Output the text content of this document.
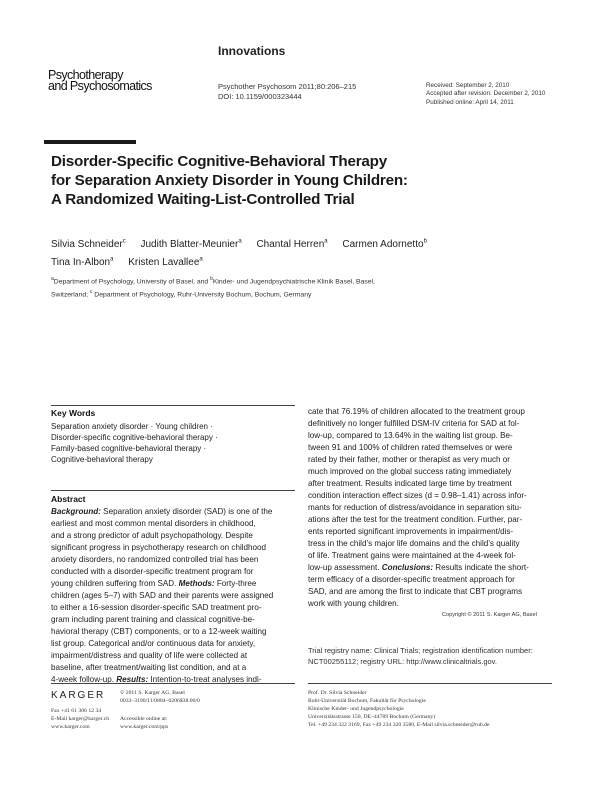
Innovations
Psychotherapy
and Psychosomatics	Psychother Psychosom 2011;80:206–215
DOI: 10.1159/000323444
Received: September 2, 2010
Accepted after revision: December 2, 2010
Published online: April 14, 2011
Disorder-Specific Cognitive-Behavioral Therapy
for Separation Anxiety Disorder in Young Children:
A Randomized Waiting-List-Controlled Trial
Silvia Schneider$^c$ Judith Blatter-Meunier$^a$ Chantal Herren$^a$ Carmen Adornetto$^b$
Tina In-Albon$^a$ Kristen Lavallee$^a$
$^a$Department of Psychology, University of Basel, and $^b$Kinder- und Jugendpsychiatrische Klinik Basel, Basel,
Switzerland; $^c$ Department of Psychology, Ruhr-University Bochum, Bochum, Germany
Key Words
Separation anxiety disorder · Young children ·
Disorder-specific cognitive-behavioral therapy ·
Family-based cognitive-behavioral therapy ·
Cognitive-behavioral therapy
Abstract
Background: Separation anxiety disorder (SAD) is one of the
earliest and most common mental disorders in childhood,
and a strong predictor of adult psychopathology. Despite
significant progress in psychotherapy research on childhood
anxiety disorders, no randomized controlled trial has been
conducted with a disorder-specific treatment program for
young children suffering from SAD. Methods: Forty-three
children (ages 5–7) with SAD and their parents were assigned
to either a 16-session disorder-specific SAD treatment pro-
gram including parent training and classical cognitive-be-
havioral therapy (CBT) components, or to a 12-week waiting
list group. Categorical and/or continuous data for anxiety,
impairment/distress and quality of life were collected at
baseline, after treatment/waiting list condition, and at a
4-week follow-up. Results: Intention-to-treat analyses indi-
cate that 76.19% of children allocated to the treatment group
definitively no longer fulfilled DSM-IV criteria for SAD at fol-
low-up, compared to 13.64% in the waiting list group. Be-
tween 91 and 100% of children rated themselves or were
rated by their father, mother or therapist as very much or
much improved on the global success rating immediately
after treatment. Results indicated large time by treatment
condition interaction effect sizes (d = 0.98–1.41) across infor-
mants for reduction of distress/avoidance in separation situ-
ations after the test for the treatment condition. Further, par-
ents reported significant improvements in impairment/dis-
tress in the child’s major life domains and the child’s quality
of life. Treatment gains were maintained at the 4-week fol-
low-up assessment. Conclusions: Results indicate the short-
term efficacy of a disorder-specific treatment approach for
SAD, and are among the first to indicate that CBT programs
work with young children.
Copyright © 2011 S. Karger AG, Basel
Trial registry name: Clinical Trials; registration identification number:
NCT00255112; registry URL: http://www.clinicaltrials.gov.
KARGER
Fax +41 61 306 12 34
E-Mail karger@karger.ch
www.karger.com
© 2011 S. Karger AG, Basel
0033–3190/11/0804–0206$38.00/0
Accessible online at:
www.karger.com/pps
Prof. Dr. Silvia Schneider
Ruhr-Universität Bochum, Fakultät für Psychologie
Klinische Kinder- und Jugendpsychologie
Universitätsstrasse 150, DE–44789 Bochum (Germany)
Tel. +49 234 322 3169, Fax +49 234 320 3580, E-Mail silvia.schneider@rub.de
